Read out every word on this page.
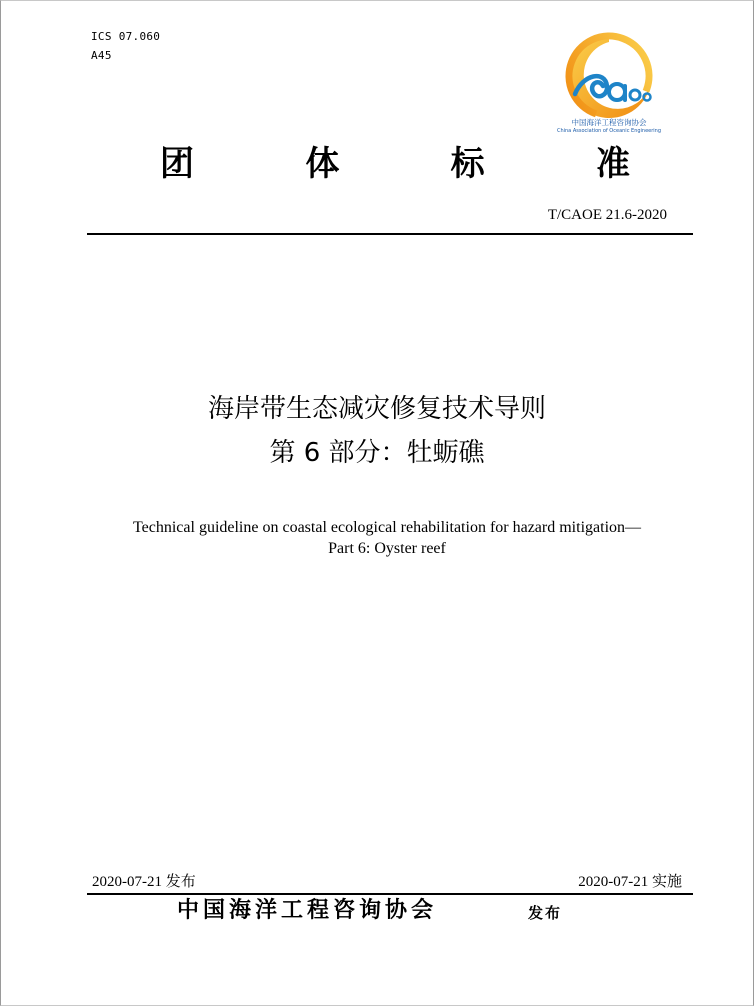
ICS 07.060
A45
中国海洋工程咨询协会
China Association of Oceanic Engineering
团	体	标	准
T/CAOE 21.6-2020
海岸带生态减灾修复技术导则
第 6 部分：牡蛎礁
Technical guideline on coastal ecological rehabilitation for hazard mitigation—
Part 6: Oyster reef
2020-07-21 发布	2020-07-21 实施
中国海洋工程咨询协会	发布
